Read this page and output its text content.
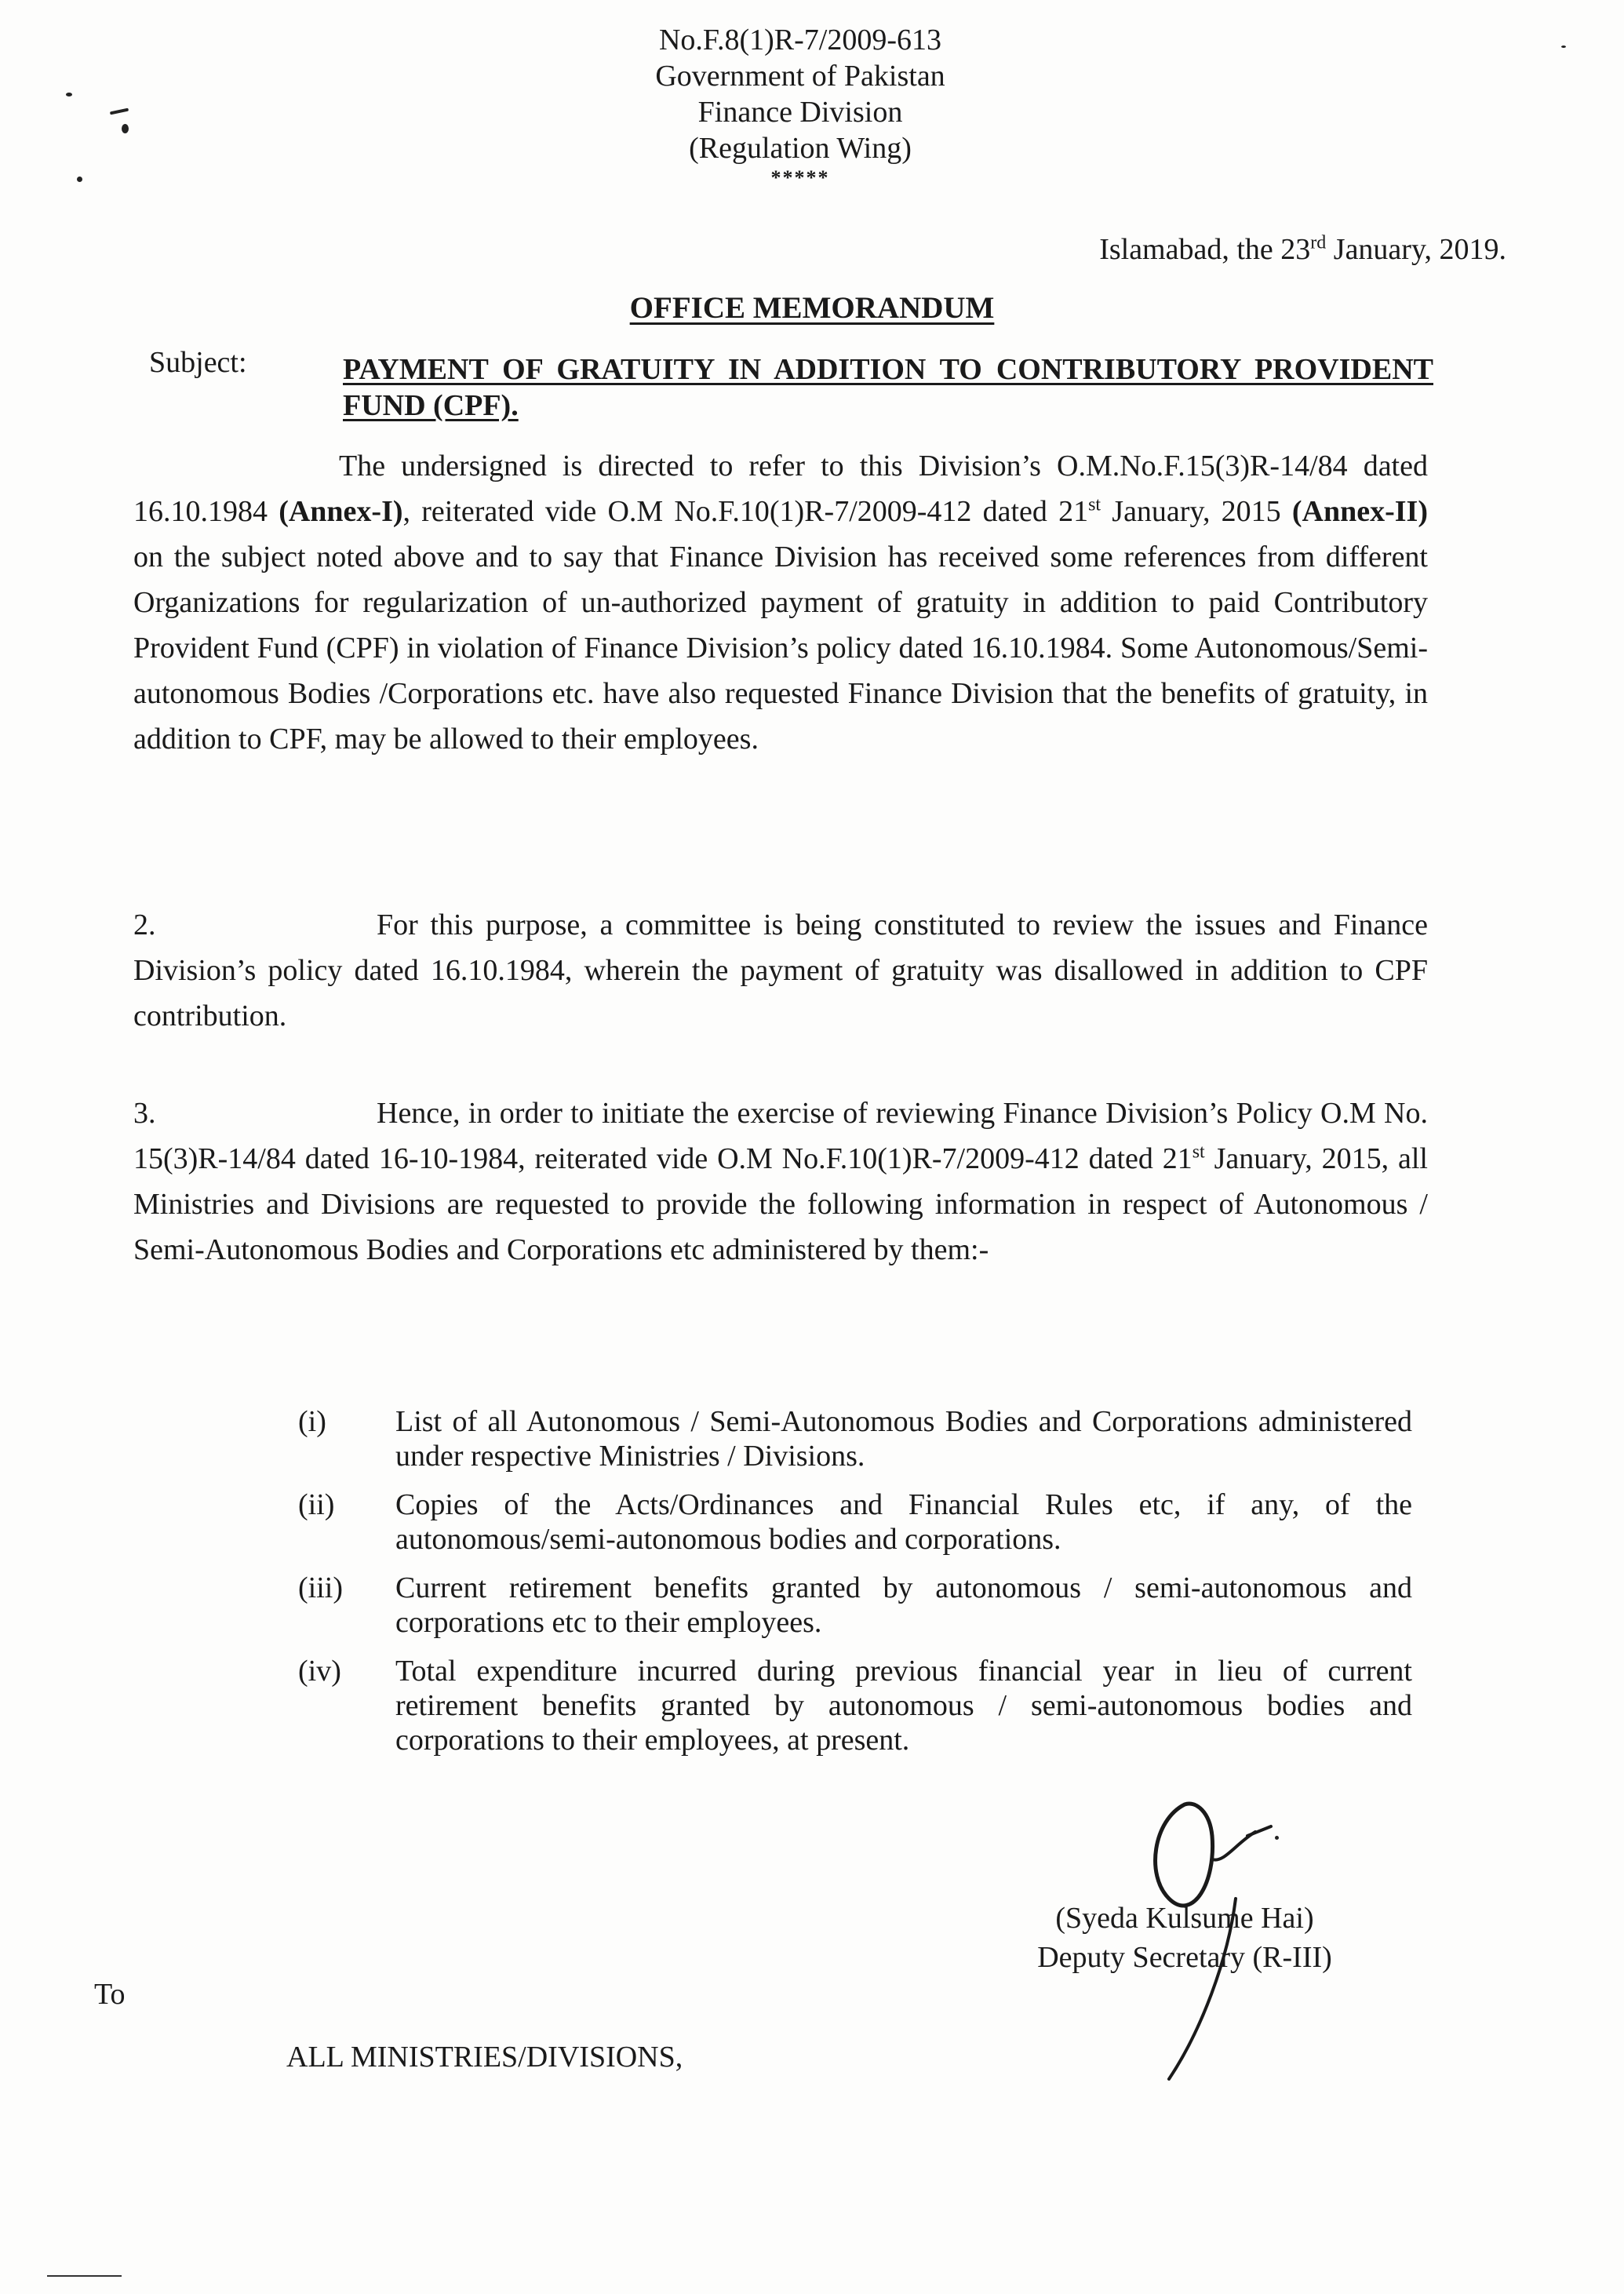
No.F.8(1)R-7/2009-613
Government of Pakistan
Finance Division
(Regulation Wing)
*****
Islamabad, the 23rd January, 2019.
OFFICE MEMORANDUM
Subject:	PAYMENT OF GRATUITY IN ADDITION TO CONTRIBUTORY PROVIDENT FUND (CPF).
The undersigned is directed to refer to this Division’s O.M.No.F.15(3)R-14/84 dated 16.10.1984 (Annex-I), reiterated vide O.M No.F.10(1)R-7/2009-412 dated 21st January, 2015 (Annex-II) on the subject noted above and to say that Finance Division has received some references from different Organizations for regularization of un-authorized payment of gratuity in addition to paid Contributory Provident Fund (CPF) in violation of Finance Division’s policy dated 16.10.1984. Some Autonomous/Semi-autonomous Bodies /Corporations etc. have also requested Finance Division that the benefits of gratuity, in addition to CPF, may be allowed to their employees.
2.	For this purpose, a committee is being constituted to review the issues and Finance Division’s policy dated 16.10.1984, wherein the payment of gratuity was disallowed in addition to CPF contribution.
3.	Hence, in order to initiate the exercise of reviewing Finance Division’s Policy O.M No. 15(3)R-14/84 dated 16-10-1984, reiterated vide O.M No.F.10(1)R-7/2009-412 dated 21st January, 2015, all Ministries and Divisions are requested to provide the following information in respect of Autonomous / Semi-Autonomous Bodies and Corporations etc administered by them:-
(i)	List of all Autonomous / Semi-Autonomous Bodies and Corporations administered under respective Ministries / Divisions.
(ii)	Copies of the Acts/Ordinances and Financial Rules etc, if any, of the autonomous/semi-autonomous bodies and corporations.
(iii)	Current retirement benefits granted by autonomous / semi-autonomous and corporations etc to their employees.
(iv)	Total expenditure incurred during previous financial year in lieu of current retirement benefits granted by autonomous / semi-autonomous bodies and corporations to their employees, at present.
(Syeda Kulsume Hai)
Deputy Secretary (R-III)
To
ALL MINISTRIES/DIVISIONS,
